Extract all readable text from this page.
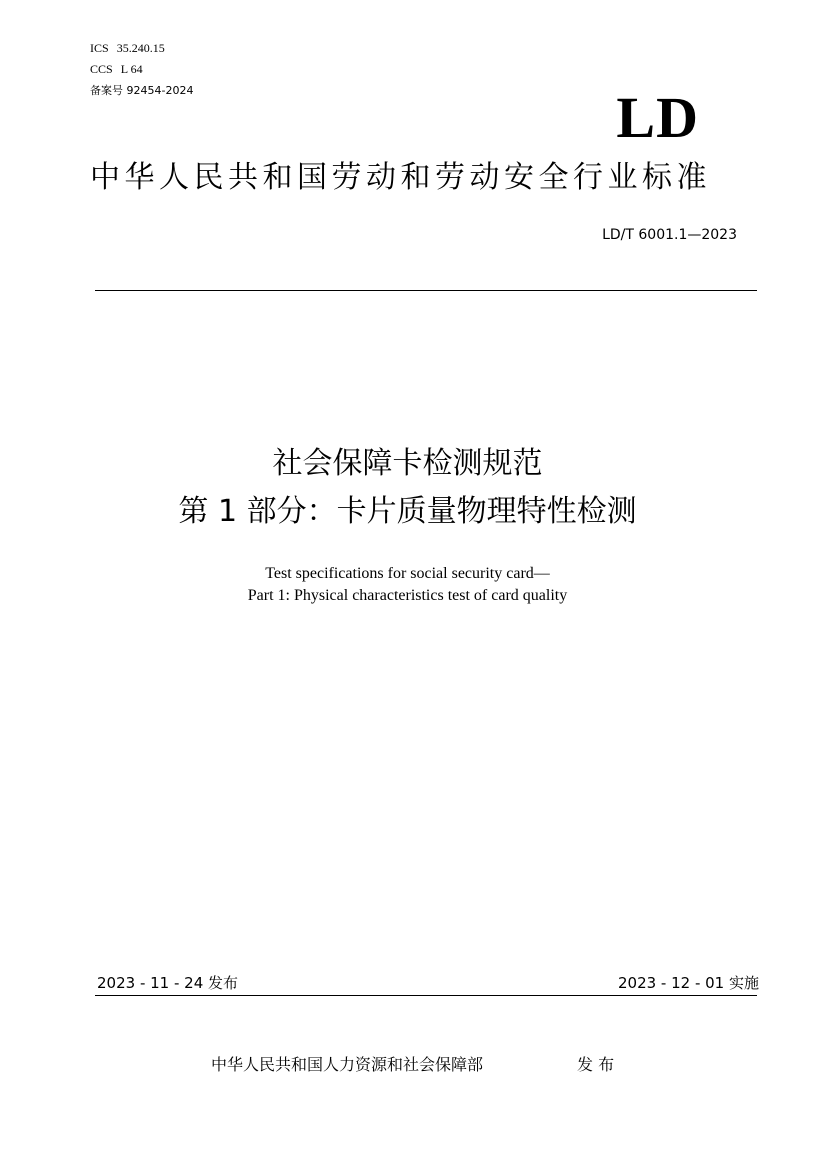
ICS 35.240.15
CCS L 64
备案号 92454-2024	LD
中华人民共和国劳动和劳动安全行业标准
LD/T 6001.1—2023
社会保障卡检测规范
第 1 部分：卡片质量物理特性检测
Test specifications for social security card—
Part 1: Physical characteristics test of card quality
2023 - 11 - 24 发布	2023 - 12 - 01 实施
中华人民共和国人力资源和社会保障部	发 布
